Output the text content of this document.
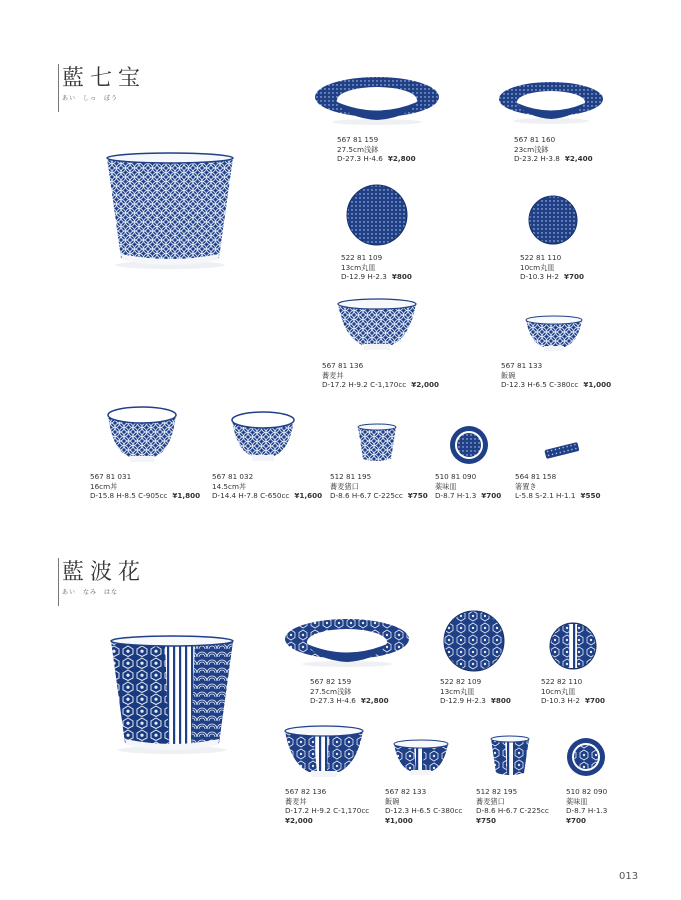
藍七宝
あい　しっ　ぽう
567 81 159
27.5cm浅鉢
D-27.3 H-4.6 ¥2,800
567 81 160
23cm浅鉢
D-23.2 H-3.8 ¥2,400
522 81 109
13cm丸皿
D-12.9 H-2.3 ¥800
522 81 110
10cm丸皿
D-10.3 H-2 ¥700
567 81 136
蕎麦丼
D-17.2 H-9.2 C-1,170cc ¥2,000
567 81 133
飯碗
D-12.3 H-6.5 C-380cc ¥1,000
567 81 031
16cm丼
D-15.8 H-8.5 C-905cc ¥1,800
567 81 032
14.5cm丼
D-14.4 H-7.8 C-650cc ¥1,600
512 81 195
蕎麦猪口
D-8.6 H-6.7 C-225cc ¥750
510 81 090
薬味皿
D-8.7 H-1.3 ¥700
564 81 158
箸置き
L-5.8 S-2.1 H-1.1 ¥550
藍波花
あい　なみ　はな
567 82 159
27.5cm浅鉢
D-27.3 H-4.6 ¥2,800
522 82 109
13cm丸皿
D-12.9 H-2.3 ¥800
522 82 110
10cm丸皿
D-10.3 H-2 ¥700
567 82 136
蕎麦丼
D-17.2 H-9.2 C-1,170cc
¥2,000
567 82 133
飯碗
D-12.3 H-6.5 C-380cc
¥1,000
512 82 195
蕎麦猪口
D-8.6 H-6.7 C-225cc
¥750
510 82 090
薬味皿
D-8.7 H-1.3
¥700
013
